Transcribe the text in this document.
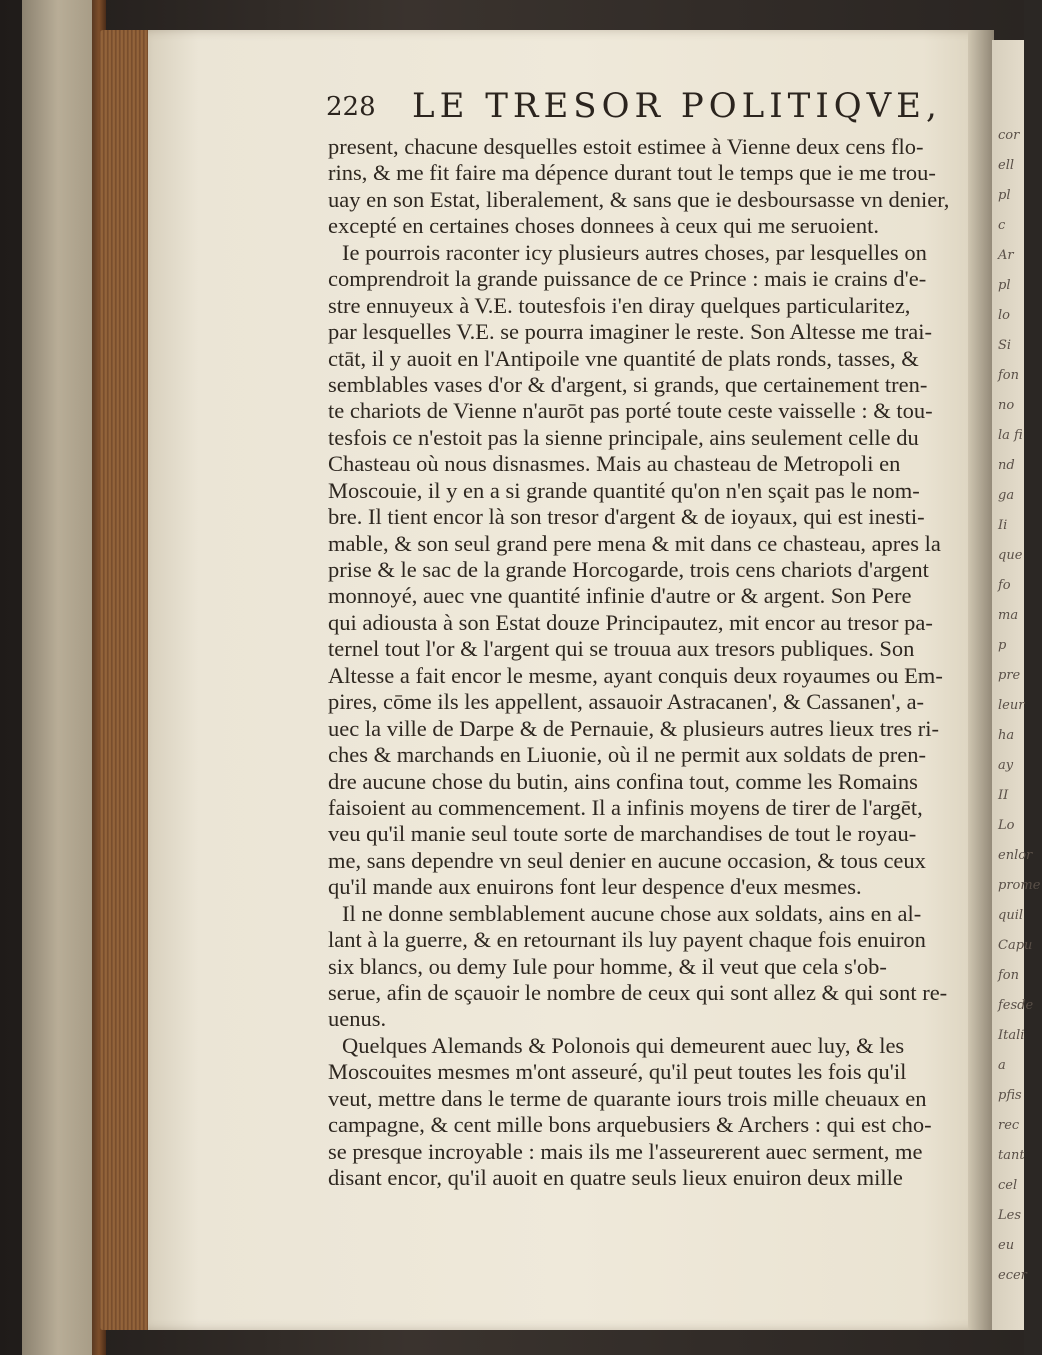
cor
ell
pl
c
Ar
pl
lo
Si
fon
no
la fi
nd
ga
Ii
que
fo
ma
p
pre
leur
ha
ay
II
Lo
enlor
prome
quil
Capu
fon
fesde
Itali
a
pfis
rec
tant
cel
Les
eu
ecer
228 LE TRESOR POLITIQVE,
present, chacune desquelles estoit estimee à Vienne deux cens flo-
rins, & me fit faire ma dépence durant tout le temps que ie me trou-
uay en son Estat, liberalement, & sans que ie desboursasse vn denier,
excepté en certaines choses donnees à ceux qui me seruoient.
Ie pourrois raconter icy plusieurs autres choses, par lesquelles on
comprendroit la grande puissance de ce Prince : mais ie crains d'e-
stre ennuyeux à V.E. toutesfois i'en diray quelques particularitez,
par lesquelles V.E. se pourra imaginer le reste. Son Altesse me trai-
ctāt, il y auoit en l'Antipoile vne quantité de plats ronds, tasses, &
semblables vases d'or & d'argent, si grands, que certainement tren-
te chariots de Vienne n'aurōt pas porté toute ceste vaisselle : & tou-
tesfois ce n'estoit pas la sienne principale, ains seulement celle du
Chasteau où nous disnasmes. Mais au chasteau de Metropoli en
Moscouie, il y en a si grande quantité qu'on n'en sçait pas le nom-
bre. Il tient encor là son tresor d'argent & de ioyaux, qui est inesti-
mable, & son seul grand pere mena & mit dans ce chasteau, apres la
prise & le sac de la grande Horcogarde, trois cens chariots d'argent
monnoyé, auec vne quantité infinie d'autre or & argent. Son Pere
qui adiousta à son Estat douze Principautez, mit encor au tresor pa-
ternel tout l'or & l'argent qui se trouua aux tresors publiques. Son
Altesse a fait encor le mesme, ayant conquis deux royaumes ou Em-
pires, cōme ils les appellent, assauoir Astracanen', & Cassanen', a-
uec la ville de Darpe & de Pernauie, & plusieurs autres lieux tres ri-
ches & marchands en Liuonie, où il ne permit aux soldats de pren-
dre aucune chose du butin, ains confina tout, comme les Romains
faisoient au commencement. Il a infinis moyens de tirer de l'argēt,
veu qu'il manie seul toute sorte de marchandises de tout le royau-
me, sans dependre vn seul denier en aucune occasion, & tous ceux
qu'il mande aux enuirons font leur despence d'eux mesmes.
Il ne donne semblablement aucune chose aux soldats, ains en al-
lant à la guerre, & en retournant ils luy payent chaque fois enuiron
six blancs, ou demy Iule pour homme, & il veut que cela s'ob-
serue, afin de sçauoir le nombre de ceux qui sont allez & qui sont re-
uenus.
Quelques Alemands & Polonois qui demeurent auec luy, & les
Moscouites mesmes m'ont asseuré, qu'il peut toutes les fois qu'il
veut, mettre dans le terme de quarante iours trois mille cheuaux en
campagne, & cent mille bons arquebusiers & Archers : qui est cho-
se presque incroyable : mais ils me l'asseurerent auec serment, me
disant encor, qu'il auoit en quatre seuls lieux enuiron deux mille
